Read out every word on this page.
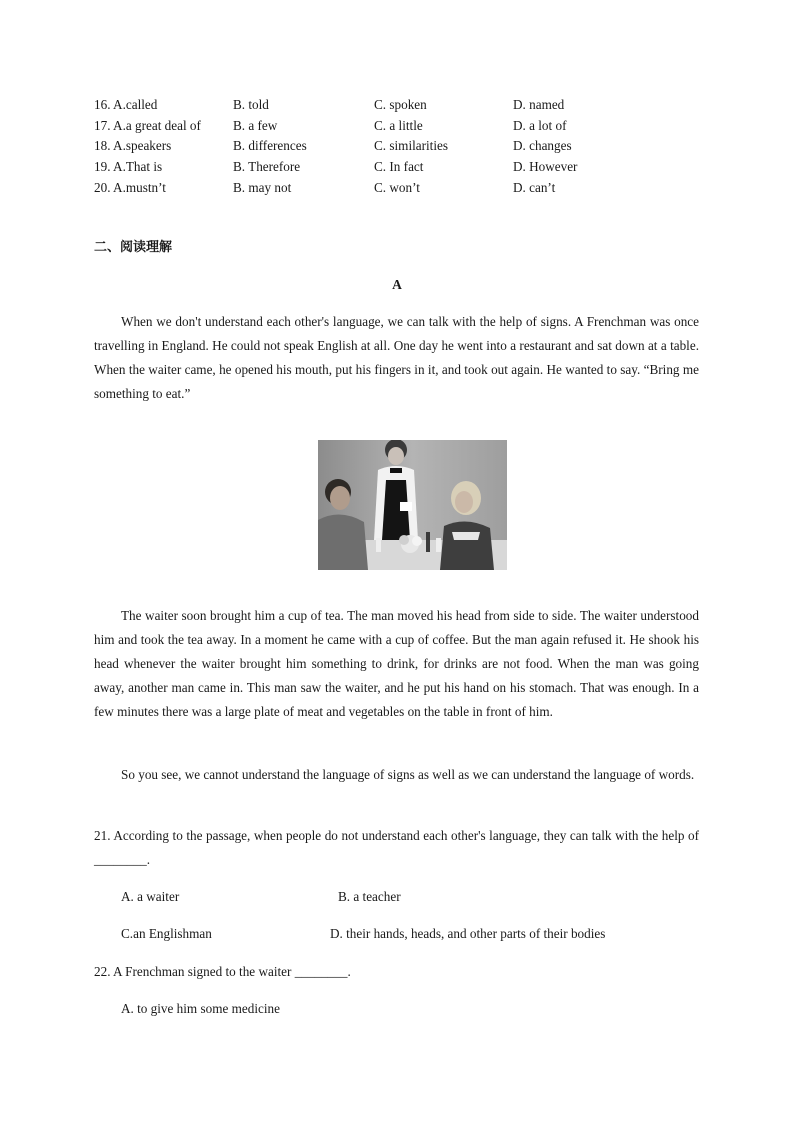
16. A.called	B. told	C. spoken	D. named
17. A.a great deal of B. a few	C. a little	D. a lot of
18. A.speakers	B. differences	C. similarities	D. changes
19. A.That is	B. Therefore	C. In fact	D. However
20. A.mustn’t	B. may not	C. won’t	D. can’t
二、阅读理解
A

When we don't understand each other's language, we can talk with the help of signs. A Frenchman was once travelling in England. He could not speak English at all. One day he went into a restaurant and sat down at a table. When the waiter came, he opened his mouth, put his fingers in it, and took out again. He wanted to say. “Bring me something to eat.”

The waiter soon brought him a cup of tea. The man moved his head from side to side. The waiter understood him and took the tea away. In a moment he came with a cup of coffee. But the man again refused it. He shook his head whenever the waiter brought him something to drink, for drinks are not food. When the man was going away, another man came in. This man saw the waiter, and he put his hand on his stomach. That was enough. In a few minutes there was a large plate of meat and vegetables on the table in front of him.

So you see, we cannot understand the language of signs as well as we can understand the language of words.

21. According to the passage, when people do not understand each other's language, they can talk with the help of ________.

A. a waiter	B. a teacher
C.an Englishman	D. their hands, heads, and other parts of their bodies

22. A Frenchman signed to the waiter ________.

A. to give him some medicine
